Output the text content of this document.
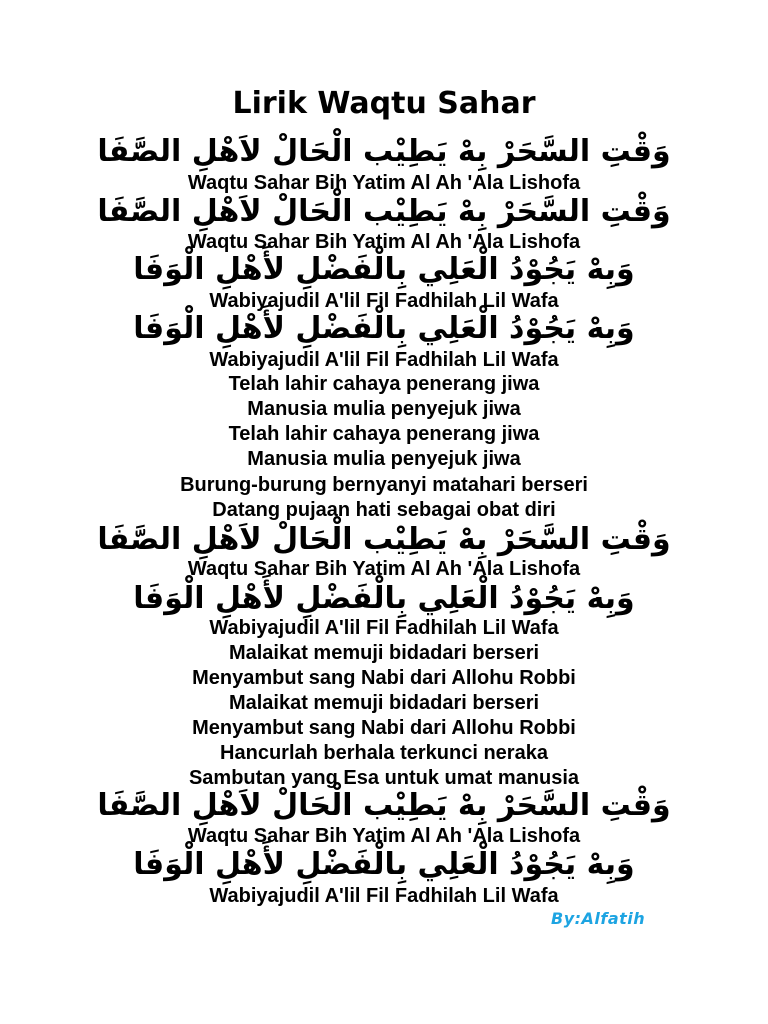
Lirik Waqtu Sahar
وَقْتِ السَّحَرْ بِهْ يَطِيْب الْحَالْ لاَهْلِ الصَّفَا
Waqtu Sahar Bih Yatim Al Ah 'Ala Lishofa
وَقْتِ السَّحَرْ بِهْ يَطِيْب الْحَالْ لاَهْلِ الصَّفَا
Waqtu Sahar Bih Yatim Al Ah 'Ala Lishofa
وَبِهْ يَجُوْدُ الْعَلِي بِالْفَضْلِ لأَهْلِ الْوَفَا
Wabiyajudil A'lil Fil Fadhilah Lil Wafa
وَبِهْ يَجُوْدُ الْعَلِي بِالْفَضْلِ لأَهْلِ الْوَفَا
Wabiyajudil A'lil Fil Fadhilah Lil Wafa
Telah lahir cahaya penerang jiwa
Manusia mulia penyejuk jiwa
Telah lahir cahaya penerang jiwa
Manusia mulia penyejuk jiwa
Burung-burung bernyanyi matahari berseri
Datang pujaan hati sebagai obat diri
وَقْتِ السَّحَرْ بِهْ يَطِيْب الْحَالْ لاَهْلِ الصَّفَا
Waqtu Sahar Bih Yatim Al Ah 'Ala Lishofa
وَبِهْ يَجُوْدُ الْعَلِي بِالْفَضْلِ لأَهْلِ الْوَفَا
Wabiyajudil A'lil Fil Fadhilah Lil Wafa
Malaikat memuji bidadari berseri
Menyambut sang Nabi dari Allohu Robbi
Malaikat memuji bidadari berseri
Menyambut sang Nabi dari Allohu Robbi
Hancurlah berhala terkunci neraka
Sambutan yang Esa untuk umat manusia
وَقْتِ السَّحَرْ بِهْ يَطِيْب الْحَالْ لاَهْلِ الصَّفَا
Waqtu Sahar Bih Yatim Al Ah 'Ala Lishofa
وَبِهْ يَجُوْدُ الْعَلِي بِالْفَضْلِ لأَهْلِ الْوَفَا
Wabiyajudil A'lil Fil Fadhilah Lil Wafa
By:Alfatih
